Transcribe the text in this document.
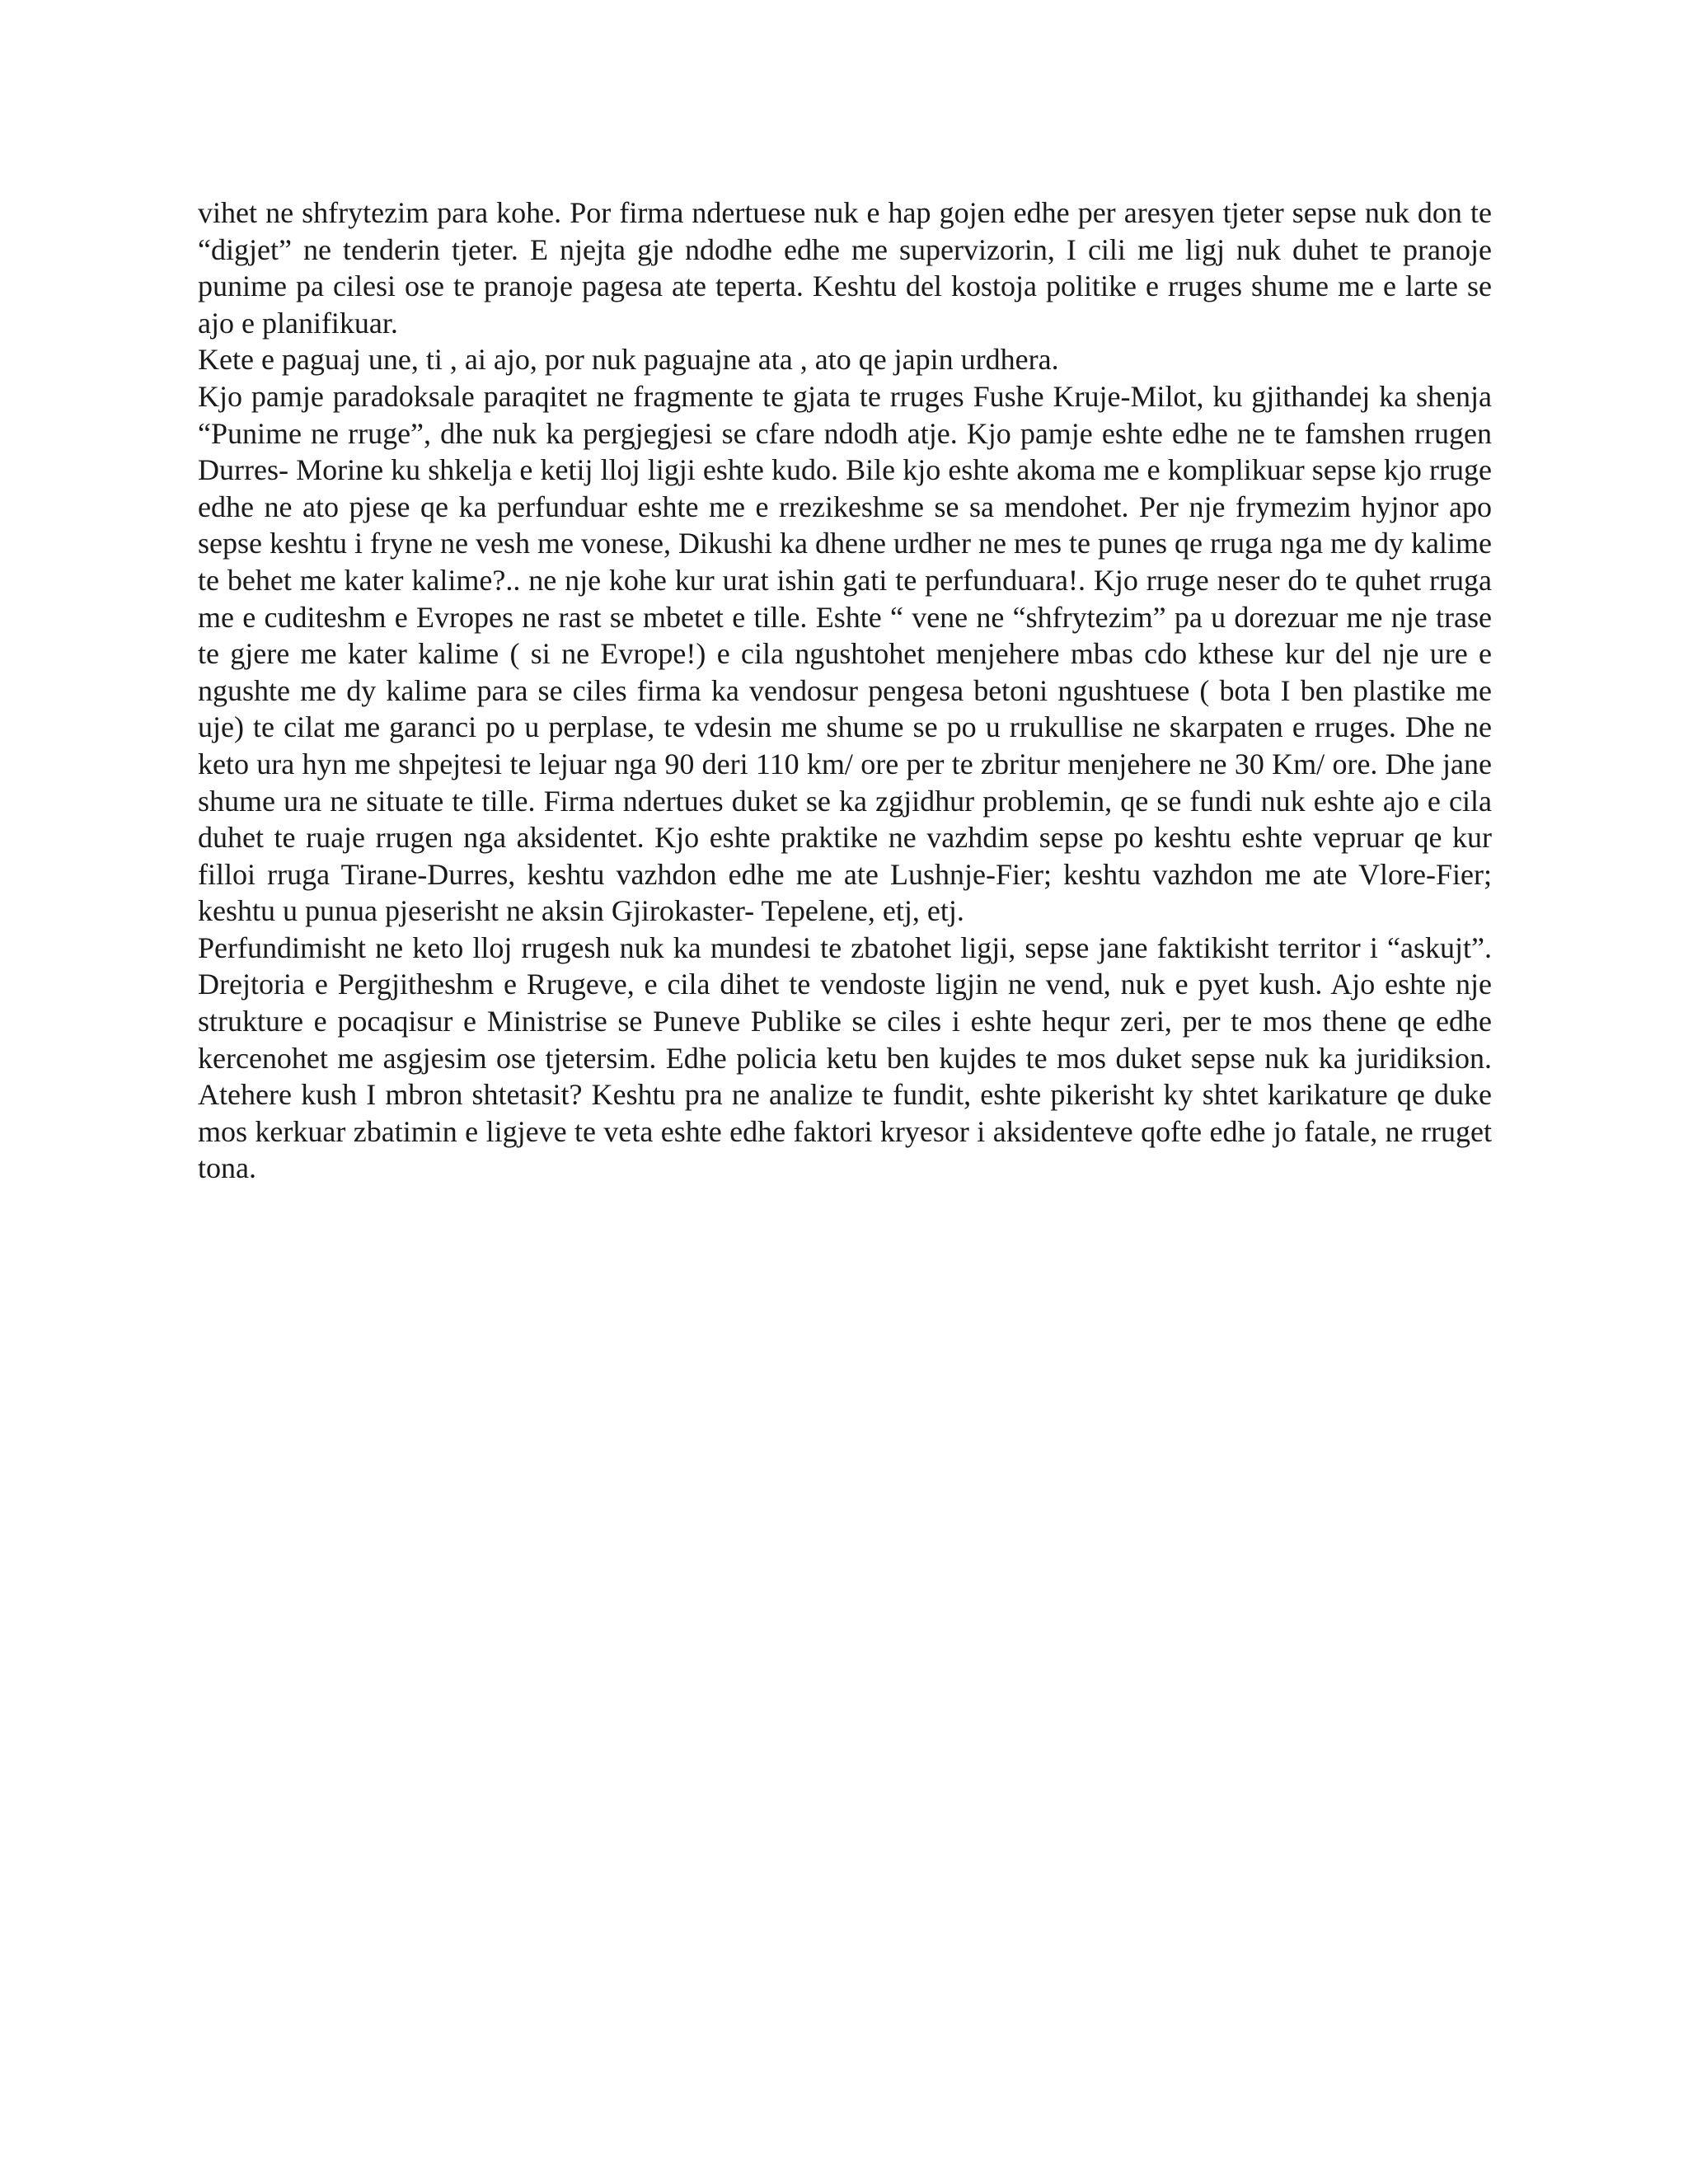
vihet ne shfrytezim para kohe. Por firma ndertuese nuk e hap gojen edhe per aresyen tjeter sepse nuk don te “digjet” ne tenderin tjeter. E njejta gje ndodhe edhe me supervizorin, I cili me ligj nuk duhet te pranoje punime pa cilesi ose te pranoje pagesa ate teperta. Keshtu del kostoja politike e rruges shume me e larte se ajo e planifikuar.

Kete e paguaj une, ti , ai ajo, por nuk paguajne ata , ato qe japin urdhera.

Kjo pamje paradoksale paraqitet ne fragmente te gjata te rruges Fushe Kruje-Milot, ku gjithandej ka shenja “Punime ne rruge”, dhe nuk ka pergjegjesi se cfare ndodh atje. Kjo pamje eshte edhe ne te famshen rrugen Durres- Morine ku shkelja e ketij lloj ligji eshte kudo. Bile kjo eshte akoma me e komplikuar sepse kjo rruge edhe ne ato pjese qe ka perfunduar eshte me e rrezikeshme se sa mendohet. Per nje frymezim hyjnor apo sepse keshtu i fryne ne vesh me vonese, Dikushi ka dhene urdher ne mes te punes qe rruga nga me dy kalime te behet me kater kalime?.. ne nje kohe kur urat ishin gati te perfunduara!. Kjo rruge neser do te quhet rruga me e cuditeshm e Evropes ne rast se mbetet e tille. Eshte “ vene ne “shfrytezim” pa u dorezuar me nje trase te gjere me kater kalime ( si ne Evrope!) e cila ngushtohet menjehere mbas cdo kthese kur del nje ure e ngushte me dy kalime para se ciles firma ka vendosur pengesa betoni ngushtuese ( bota I ben plastike me uje) te cilat me garanci po u perplase, te vdesin me shume se po u rrukullise ne skarpaten e rruges. Dhe ne keto ura hyn me shpejtesi te lejuar nga 90 deri 110 km/ ore per te zbritur menjehere ne 30 Km/ ore. Dhe jane shume ura ne situate te tille. Firma ndertues duket se ka zgjidhur problemin, qe se fundi nuk eshte ajo e cila duhet te ruaje rrugen nga aksidentet. Kjo eshte praktike ne vazhdim sepse po keshtu eshte vepruar qe kur filloi rruga Tirane-Durres, keshtu vazhdon edhe me ate Lushnje-Fier; keshtu vazhdon me ate Vlore-Fier; keshtu u punua pjeserisht ne aksin Gjirokaster- Tepelene, etj, etj.

Perfundimisht ne keto lloj rrugesh nuk ka mundesi te zbatohet ligji, sepse jane faktikisht territor i “askujt”. Drejtoria e Pergjitheshm e Rrugeve, e cila dihet te vendoste ligjin ne vend, nuk e pyet kush. Ajo eshte nje strukture e pocaqisur e Ministrise se Puneve Publike se ciles i eshte hequr zeri, per te mos thene qe edhe kercenohet me asgjesim ose tjetersim. Edhe policia ketu ben kujdes te mos duket sepse nuk ka juridiksion. Atehere kush I mbron shtetasit? Keshtu pra ne analize te fundit, eshte pikerisht ky shtet karikature qe duke mos kerkuar zbatimin e ligjeve te veta eshte edhe faktori kryesor i aksidenteve qofte edhe jo fatale, ne rruget tona.
